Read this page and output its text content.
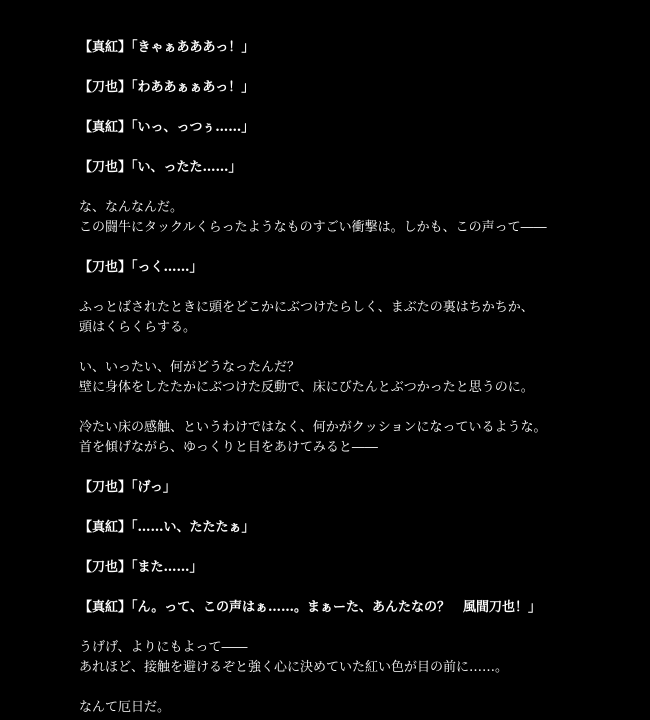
【真紅】「きゃぁあああっ！」
【刀也】「わああぁぁあっ！」
【真紅】「いっ、っつぅ……」
【刀也】「い、ったた……」
な、なんなんだ。
この闘牛にタックルくらったようなものすごい衝撃は。しかも、この声って――
【刀也】「っく……」
ふっとばされたときに頭をどこかにぶつけたらしく、まぶたの裏はちかちか、
頭はくらくらする。
い、いったい、何がどうなったんだ？
壁に身体をしたたかにぶつけた反動で、床にびたんとぶつかったと思うのに。
冷たい床の感触、というわけではなく、何かがクッションになっているような。
首を傾げながら、ゆっくりと目をあけてみると――
【刀也】「げっ」
【真紅】「……い、たたたぁ」
【刀也】「また……」
【真紅】「ん。って、この声はぁ……。まぁーた、あんたなの？　風間刀也！」
うげげ、よりにもよって――
あれほど、接触を避けるぞと強く心に決めていた紅い色が目の前に……。
なんて厄日だ。
